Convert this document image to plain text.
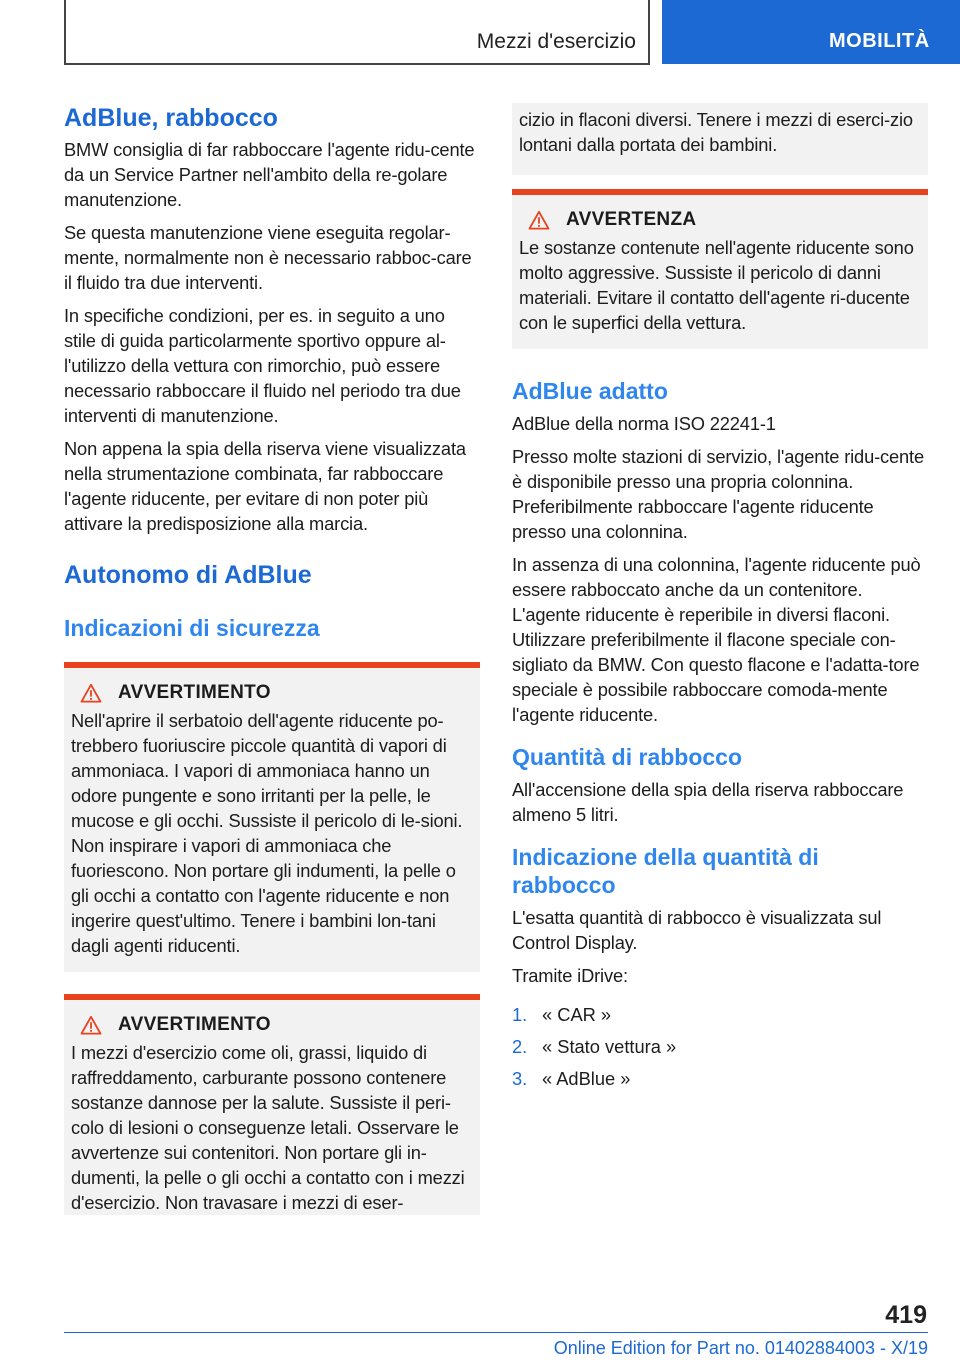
Mezzi d'esercizio	MOBILITÀ
AdBlue, rabbocco

BMW consiglia di far rabboccare l'agente ridu-cente da un Service Partner nell'ambito della re-golare manutenzione.

Se questa manutenzione viene eseguita regolar-mente, normalmente non è necessario rabboc-care il fluido tra due interventi.

In specifiche condizioni, per es. in seguito a uno stile di guida particolarmente sportivo oppure al-l'utilizzo della vettura con rimorchio, può essere necessario rabboccare il fluido nel periodo tra due interventi di manutenzione.

Non appena la spia della riserva viene visualizzata nella strumentazione combinata, far rabboccare l'agente riducente, per evitare di non poter più attivare la predisposizione alla marcia.

Autonomo di AdBlue
Indicazioni di sicurezza
AVVERTIMENTO

Nell'aprire il serbatoio dell'agente riducente po-trebbero fuoriuscire piccole quantità di vapori di ammoniaca. I vapori di ammoniaca hanno un odore pungente e sono irritanti per la pelle, le mucose e gli occhi. Sussiste il pericolo di le-sioni. Non inspirare i vapori di ammoniaca che fuoriescono. Non portare gli indumenti, la pelle o gli occhi a contatto con l'agente riducente e non ingerire quest'ultimo. Tenere i bambini lon-tani dagli agenti riducenti.

AVVERTIMENTO

I mezzi d'esercizio come oli, grassi, liquido di raffreddamento, carburante possono contenere sostanze dannose per la salute. Sussiste il peri-colo di lesioni o conseguenze letali. Osservare le avvertenze sui contenitori. Non portare gli in-dumenti, la pelle o gli occhi a contatto con i mezzi d'esercizio. Non travasare i mezzi di eser-

cizio in flaconi diversi. Tenere i mezzi di eserci-zio lontani dalla portata dei bambini.

AVVERTENZA

Le sostanze contenute nell'agente riducente sono molto aggressive. Sussiste il pericolo di danni materiali. Evitare il contatto dell'agente ri-ducente con le superfici della vettura.

AdBlue adatto

AdBlue della norma ISO 22241-1

Presso molte stazioni di servizio, l'agente ridu-cente è disponibile presso una propria colonnina. Preferibilmente rabboccare l'agente riducente presso una colonnina.

In assenza di una colonnina, l'agente riducente può essere rabboccato anche da un contenitore. L'agente riducente è reperibile in diversi flaconi. Utilizzare preferibilmente il flacone speciale con-sigliato da BMW. Con questo flacone e l'adatta-tore speciale è possibile rabboccare comoda-mente l'agente riducente.

Quantità di rabbocco

All'accensione della spia della riserva rabboccare almeno 5 litri.

Indicazione della quantità di rabbocco

L'esatta quantità di rabbocco è visualizzata sul Control Display.

Tramite iDrive:

1. « CAR »
2. « Stato vettura »
3. « AdBlue »
419
Online Edition for Part no. 01402884003 - X/19
